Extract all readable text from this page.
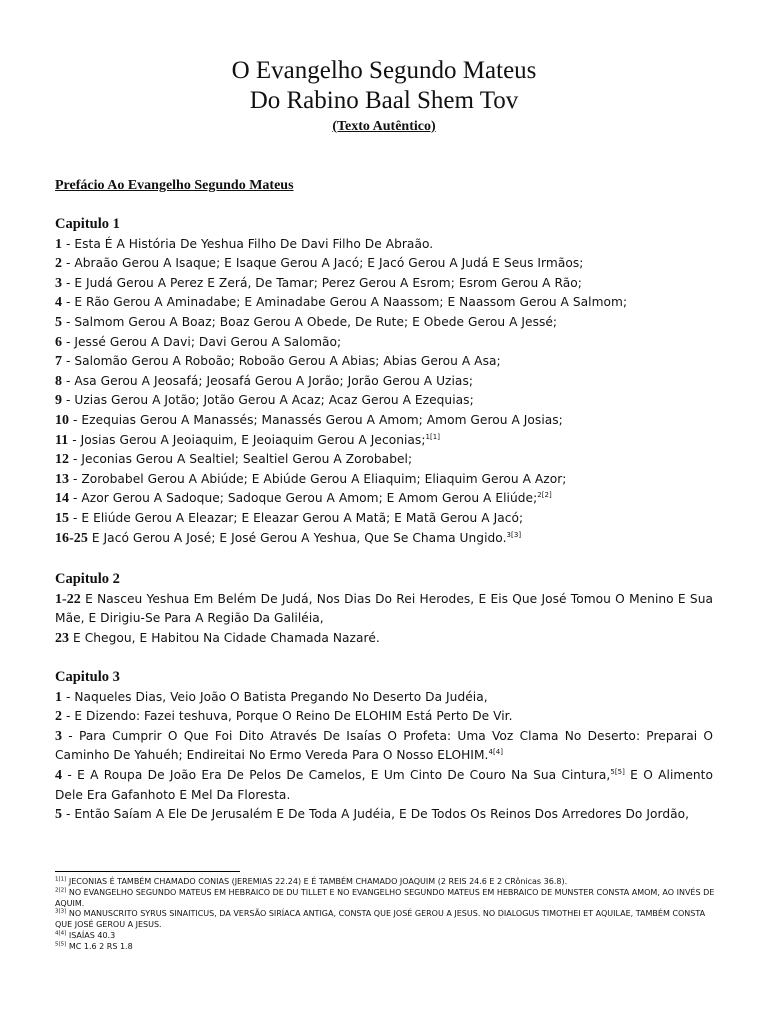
O Evangelho Segundo Mateus
Do Rabino Baal Shem Tov
(Texto Autêntico)
Prefácio Ao Evangelho Segundo Mateus
Capitulo 1
1 - Esta É A História De Yeshua Filho De Davi Filho De Abraão.
2 - Abraão Gerou A Isaque; E Isaque Gerou A Jacó; E Jacó Gerou A Judá E Seus Irmãos;
3 - E Judá Gerou A Perez E Zerá, De Tamar; Perez Gerou A Esrom; Esrom Gerou A Rão;
4 - E Rão Gerou A Aminadabe; E Aminadabe Gerou A Naassom; E Naassom Gerou A Salmom;
5 - Salmom Gerou A Boaz; Boaz Gerou A Obede, De Rute; E Obede Gerou A Jessé;
6 - Jessé Gerou A Davi; Davi Gerou A Salomão;
7 - Salomão Gerou A Roboão; Roboão Gerou A Abias; Abias Gerou A Asa;
8 - Asa Gerou A Jeosafá; Jeosafá Gerou A Jorão; Jorão Gerou A Uzias;
9 - Uzias Gerou A Jotão; Jotão Gerou A Acaz; Acaz Gerou A Ezequias;
10 - Ezequias Gerou A Manassés; Manassés Gerou A Amom; Amom Gerou A Josias;
11 - Josias Gerou A Jeoiaquim, E Jeoiaquim Gerou A Jeconias;$^{1[1]}$
12 - Jeconias Gerou A Sealtiel; Sealtiel Gerou A Zorobabel;
13 - Zorobabel Gerou A Abiúde; E Abiúde Gerou A Eliaquim; Eliaquim Gerou A Azor;
14 - Azor Gerou A Sadoque; Sadoque Gerou A Amom; E Amom Gerou A Eliúde;$^{2[2]}$
15 - E Eliúde Gerou A Eleazar; E Eleazar Gerou A Matã; E Matã Gerou A Jacó;
16-25 E Jacó Gerou A José; E José Gerou A Yeshua, Que Se Chama Ungido.$^{3[3]}$
Capitulo 2
1-22 E Nasceu Yeshua Em Belém De Judá, Nos Dias Do Rei Herodes, E Eis Que José Tomou O Menino E Sua Mãe, E Dirigiu-Se Para A Região Da Galiléia,
23 E Chegou, E Habitou Na Cidade Chamada Nazaré.
Capitulo 3
1 - Naqueles Dias, Veio João O Batista Pregando No Deserto Da Judéia,
2 - E Dizendo: Fazei teshuva, Porque O Reino De ELOHIM Está Perto De Vir.
3 - Para Cumprir O Que Foi Dito Através De Isaías O Profeta: Uma Voz Clama No Deserto: Preparai O Caminho De Yahuéh; Endireitai No Ermo Vereda Para O Nosso ELOHIM.$^{4[4]}$
4 - E A Roupa De João Era De Pelos De Camelos, E Um Cinto De Couro Na Sua Cintura,$^{5[5]}$ E O Alimento Dele Era Gafanhoto E Mel Da Floresta.
5 - Então Saíam A Ele De Jerusalém E De Toda A Judéia, E De Todos Os Reinos Dos Arredores Do Jordão,
$^{1[1]}$ JECONIAS É TAMBÉM CHAMADO CONIAS (JEREMIAS 22.24) E É TAMBÉM CHAMADO JOAQUIM (2 REIS 24.6 E 2 CRônicas 36.8).
$^{2[2]}$ NO EVANGELHO SEGUNDO MATEUS EM HEBRAICO DE DU TILLET E NO EVANGELHO SEGUNDO MATEUS EM HEBRAICO DE MUNSTER CONSTA AMOM, AO INVÉS DE AQUIM.
$^{3[3]}$ NO MANUSCRITO SYRUS SINAITICUS, DA VERSÃO SIRÍACA ANTIGA, CONSTA QUE JOSÉ GEROU A JESUS. NO DIALOGUS TIMOTHEI ET AQUILAE, TAMBÉM CONSTA QUE JOSÉ GEROU A JESUS.
$^{4[4]}$ ISAÍAS 40.3
$^{5[5]}$ MC 1.6 2 RS 1.8
